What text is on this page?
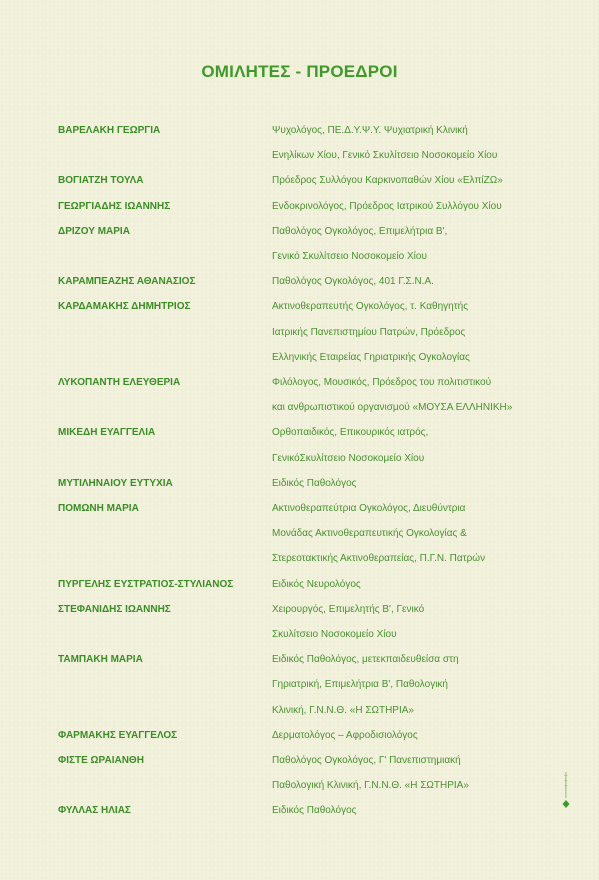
ΟΜΙΛΗΤΕΣ - ΠΡΟΕΔΡΟΙ
ΒΑΡΕΛΑΚΗ ΓΕΩΡΓΙΑ	Ψυχολόγος, ΠΕ.Δ.Υ.Ψ.Υ. Ψυχιατρική Κλινική
Ενηλίκων Χίου, Γενικό Σκυλίτσειο Νοσοκομείο Χίου
ΒΟΓΙΑΤΖΗ ΤΟΥΛΑ	Πρόεδρος Συλλόγου Καρκινοπαθών Χίου «ΕλπίΖΩ»
ΓΕΩΡΓΙΑΔΗΣ ΙΩΑΝΝΗΣ	Ενδοκρινολόγος, Πρόεδρος Ιατρικού Συλλόγου Χίου
ΔΡΙΖΟΥ ΜΑΡΙΑ	Παθολόγος Ογκολόγος, Επιμελήτρια Β',
Γενικό Σκυλίτσειο Νοσοκομείο Χίου
ΚΑΡΑΜΠΕΑΖΗΣ ΑΘΑΝΑΣΙΟΣ	Παθολόγος Ογκολόγος, 401 Γ.Σ.Ν.Α.
ΚΑΡΔΑΜΑΚΗΣ ΔΗΜΗΤΡΙΟΣ	Ακτινοθεραπευτής Ογκολόγος, τ. Καθηγητής
Ιατρικής Πανεπιστημίου Πατρών, Πρόεδρος
Ελληνικής Εταιρείας Γηριατρικής Ογκολογίας
ΛΥΚΟΠΑΝΤΗ ΕΛΕΥΘΕΡΙΑ	Φιλόλογος, Μουσικός, Πρόεδρος του πολιτιστικού
και ανθρωπιστικού οργανισμού «ΜΟΥΣΑ ΕΛΛΗΝΙΚΗ»
ΜΙΚΕΔΗ ΕΥΑΓΓΕΛΙΑ	Ορθοπαιδικός, Επικουρικός ιατρός,
ΓενικόΣκυλίτσειο Νοσοκομείο Χίου
ΜΥΤΙΛΗΝΑΙΟΥ ΕΥΤΥΧΙΑ	Ειδικός Παθολόγος
ΠΟΜΩΝΗ ΜΑΡΙΑ	Ακτινοθεραπεύτρια Ογκολόγος, Διευθύντρια
Μονάδας Ακτινοθεραπευτικής Ογκολογίας &
Στερεοτακτικής Ακτινοθεραπείας, Π.Γ.Ν. Πατρών
ΠΥΡΓΕΛΗΣ ΕΥΣΤΡΑΤΙΟΣ-ΣΤΥΛΙΑΝΟΣ	Ειδικός Νευρολόγος
ΣΤΕΦΑΝΙΔΗΣ ΙΩΑΝΝΗΣ	Χειρουργός, Επιμελητής Β', Γενικό
Σκυλίτσειο Νοσοκομείο Χίου
ΤΑΜΠΑΚΗ ΜΑΡΙΑ	Ειδικός Παθολόγος, μετεκπαιδευθείσα στη
Γηριατρική, Επιμελήτρια Β', Παθολογική
Κλινική, Γ.Ν.Ν.Θ. «Η ΣΩΤΗΡΙΑ»
ΦΑΡΜΑΚΗΣ ΕΥΑΓΓΕΛΟΣ	Δερματολόγος – Αφροδισιολόγος
ΦΙΣΤΕ ΩΡΑΙΑΝΘΗ	Παθολόγος Ογκολόγος, Γ' Πανεπιστημιακή
Παθολογική Κλινική, Γ.Ν.Ν.Θ. «Η ΣΩΤΗΡΙΑ»
ΦΥΛΛΑΣ ΗΛΙΑΣ	Ειδικός Παθολόγος
